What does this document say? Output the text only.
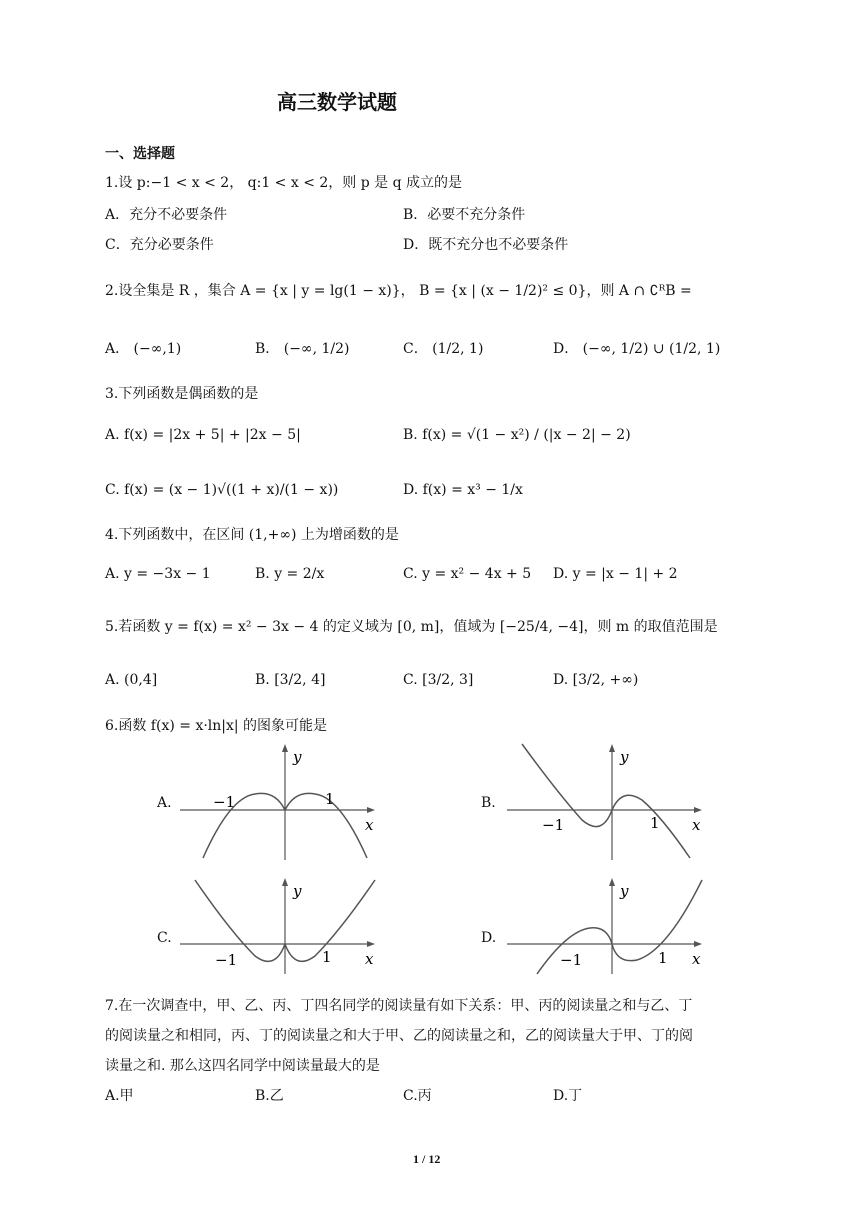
高三数学试题
一、选择题
1.设 p:−1 < x < 2， q:1 < x < 2，则 p 是 q 成立的是
A．充分不必要条件	B．必要不充分条件
C．充分必要条件	D．既不充分也不必要条件
2.设全集是 R ，集合 A = {x | y = lg(1 − x)}， B = {x | (x − 1/2)² ≤ 0}，则 A ∩ ∁ᴿB =
A． (−∞,1)	B． (−∞, 1/2)	C． (1/2, 1)	D． (−∞, 1/2) ∪ (1/2, 1)
3.下列函数是偶函数的是
A. f(x) = |2x + 5| + |2x − 5|	B. f(x) = √(1 − x²) / (|x − 2| − 2)
C. f(x) = (x − 1)√((1 + x)/(1 − x))	D. f(x) = x³ − 1/x
4.下列函数中，在区间 (1,+∞) 上为增函数的是
A. y = −3x − 1	B. y = 2/x	C. y = x² − 4x + 5 D. y = |x − 1| + 2
5.若函数 y = f(x) = x² − 3x − 4 的定义域为 [0, m]，值域为 [−25/4, −4]，则 m 的取值范围是
A. (0,4]	B. [3/2, 4]	C. [3/2, 3]	D. [3/2, +∞)
6.函数 f(x) = x·ln|x| 的图象可能是
A.	−1	1
x
y
B.
−1	1 x
y
C.
−1	1 x
y
D.
−1	1 x
y
7.在一次调查中，甲、乙、丙、丁四名同学的阅读量有如下关系：甲、丙的阅读量之和与乙、丁
的阅读量之和相同，丙、丁的阅读量之和大于甲、乙的阅读量之和，乙的阅读量大于甲、丁的阅
读量之和. 那么这四名同学中阅读量最大的是
A.甲	B.乙	C.丙	D.丁
1 / 12
